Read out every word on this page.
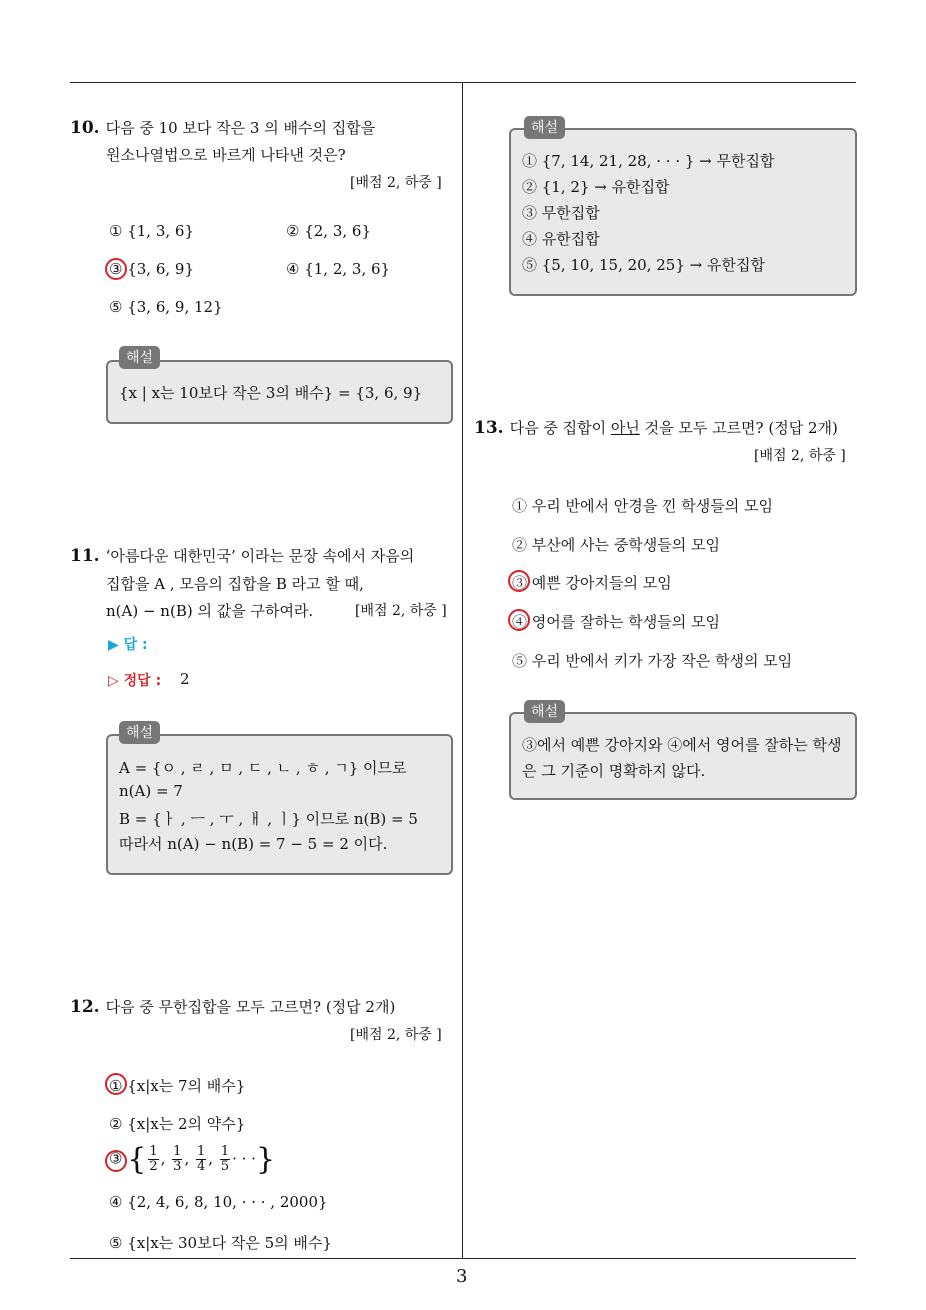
10. 다음 중 10 보다 작은 3 의 배수의 집합을
원소나열법으로 바르게 나타낸 것은?
[배점 2, 하중 ]
① {1, 3, 6}	② {2, 3, 6}
③ {3, 6, 9}	④ {1, 2, 3, 6}
⑤ {3, 6, 9, 12}
해설
{x | x는 10보다 작은 3의 배수} = {3, 6, 9}
11. ‘아름다운 대한민국’ 이라는 문장 속에서 자음의
집합을 A , 모음의 집합을 B 라고 할 때,
n(A) − n(B) 의 값을 구하여라.	[배점 2, 하중 ]
▶ 답 :
▷ 정답 : 2
해설
A = {ㅇ , ㄹ , ㅁ , ㄷ , ㄴ , ㅎ , ㄱ} 이므로
n(A) = 7
B = {ㅏ , ㅡ , ㅜ , ㅐ , ㅣ} 이므로 n(B) = 5
따라서 n(A) − n(B) = 7 − 5 = 2 이다.
12. 다음 중 무한집합을 모두 고르면? (정답 2개)
[배점 2, 하중 ]
① {x|x는 7의 배수}
② {x|x는 2의 약수}
③ { $\frac{1}{2}$ , $\frac{1}{3}$ , $\frac{1}{4}$ , $\frac{1}{5}$ · · ·}
④ {2, 4, 6, 8, 10, · · · , 2000}
⑤ {x|x는 30보다 작은 5의 배수}
해설
① {7, 14, 21, 28, · · · } → 무한집합
② {1, 2} → 유한집합
③ 무한집합
④ 유한집합
⑤ {5, 10, 15, 20, 25} → 유한집합
13. 다음 중 집합이 아닌 것을 모두 고르면? (정답 2개)
[배점 2, 하중 ]
① 우리 반에서 안경을 낀 학생들의 모임
② 부산에 사는 중학생들의 모임
③ 예쁜 강아지들의 모임
④ 영어를 잘하는 학생들의 모임
⑤ 우리 반에서 키가 가장 작은 학생의 모임
해설
③에서 예쁜 강아지와 ④에서 영어를 잘하는 학생
은 그 기준이 명확하지 않다.
3
